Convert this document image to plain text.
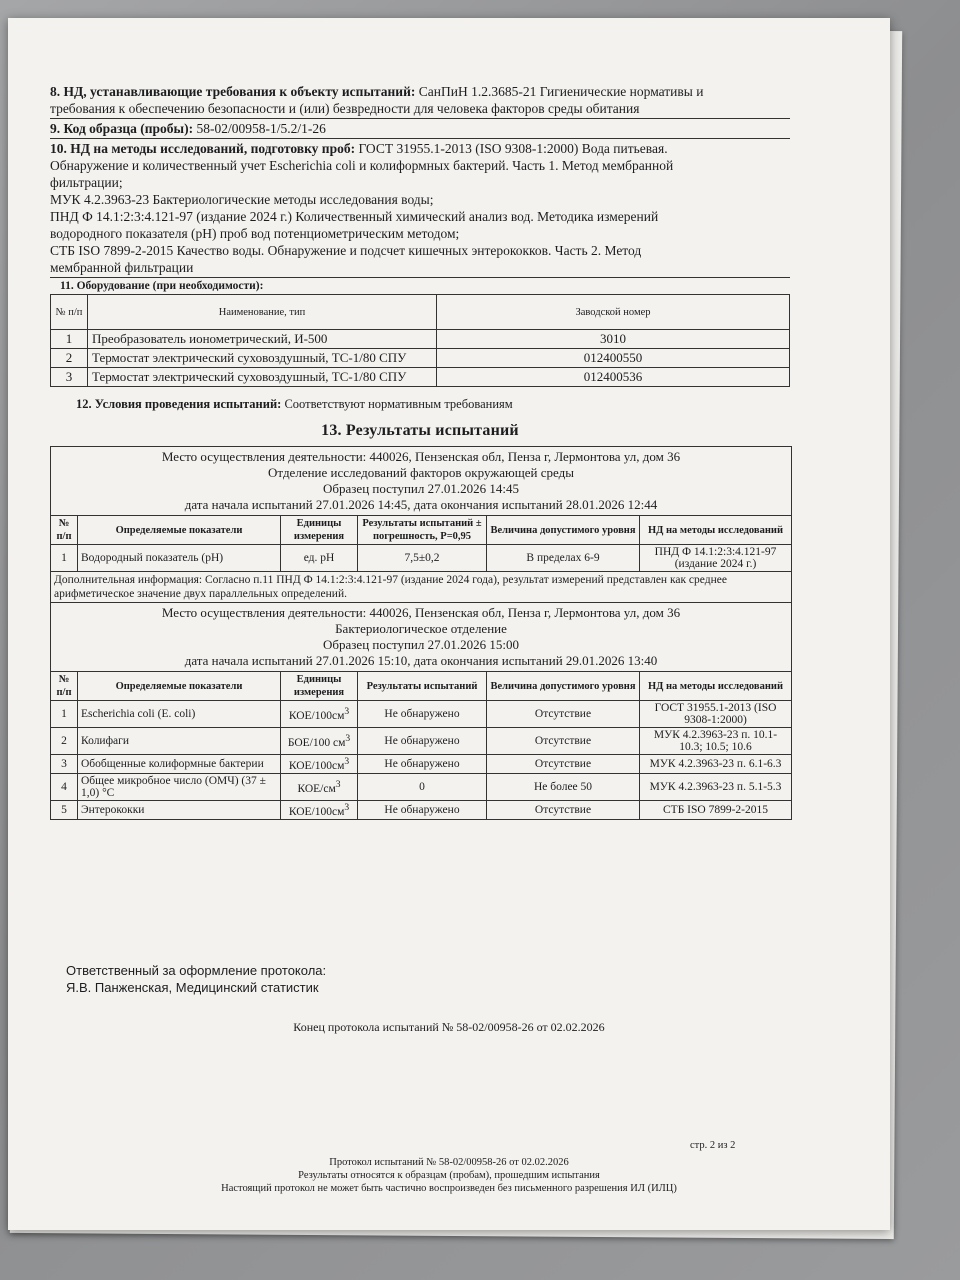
8. НД, устанавливающие требования к объекту испытаний: СанПиН 1.2.3685-21 Гигиенические нормативы и
требования к обеспечению безопасности и (или) безвредности для человека факторов среды обитания
9. Код образца (пробы): 58-02/00958-1/5.2/1-26
10. НД на методы исследований, подготовку проб: ГОСТ 31955.1-2013 (ISO 9308-1:2000) Вода питьевая.
Обнаружение и количественный учет Escherichia coli и колиформных бактерий. Часть 1. Метод мембранной
фильтрации;
МУК 4.2.3963-23 Бактериологические методы исследования воды;
ПНД Ф 14.1:2:3:4.121-97 (издание 2024 г.) Количественный химический анализ вод. Методика измерений
водородного показателя (pH) проб вод потенциометрическим методом;
СТБ ISO 7899-2-2015 Качество воды. Обнаружение и подсчет кишечных энтерококков. Часть 2. Метод
мембранной фильтрации
11. Оборудование (при необходимости):
№ п/п	Наименование, тип	Заводской номер
1	Преобразователь ионометрический, И-500	3010
2	Термостат электрический суховоздушный, ТС-1/80 СПУ	012400550
3	Термостат электрический суховоздушный, ТС-1/80 СПУ	012400536
12. Условия проведения испытаний: Соответствуют нормативным требованиям
13. Результаты испытаний
Место осуществления деятельности: 440026, Пензенская обл, Пенза г, Лермонтова ул, дом 36
Отделение исследований факторов окружающей среды
Образец поступил 27.01.2026 14:45
дата начала испытаний 27.01.2026 14:45, дата окончания испытаний 28.01.2026 12:44					

№ п/п	Определяемые показатели	Единицы измерения	Результаты испытаний ± погрешность, Р=0,95	Величина допустимого уровня	НД на методы исследований
1	Водородный показатель (pH)	ед. pH	7,5±0,2	В пределах 6-9	ПНД Ф 14.1:2:3:4.121-97 (издание 2024 г.)
Дополнительная информация: Согласно п.11 ПНД Ф 14.1:2:3:4.121-97 (издание 2024 года), результат измерений представлен как среднее арифметическое значение двух параллельных определений.					

Место осуществления деятельности: 440026, Пензенская обл, Пенза г, Лермонтова ул, дом 36
Бактериологическое отделение
Образец поступил 27.01.2026 15:00
дата начала испытаний 27.01.2026 15:10, дата окончания испытаний 29.01.2026 13:40					

№ п/п	Определяемые показатели	Единицы измерения	Результаты испытаний	Величина допустимого уровня	НД на методы исследований
1	Escherichia coli (E. coli)	КОЕ/$100см^3$	Не обнаружено	Отсутствие	ГОСТ 31955.1-2013 (ISO 9308-1:2000)
2	Колифаги	БОЕ/100 $см^3$	Не обнаружено	Отсутствие	МУК 4.2.3963-23 п. 10.1-10.3; 10.5; 10.6
3	Обобщенные колиформные бактерии	КОЕ/$100см^3$	Не обнаружено	Отсутствие	МУК 4.2.3963-23 п. 6.1-6.3
4	Общее микробное число (ОМЧ) (37 ± 1,0) °С	КОЕ/$см^3$	0	Не более 50	МУК 4.2.3963-23 п. 5.1-5.3
5	Энтерококки	КОЕ/$100см^3$	Не обнаружено	Отсутствие	СТБ ISO 7899-2-2015
Ответственный за оформление протокола:
Я.В. Панженская, Медицинский статистик
Конец протокола испытаний № 58-02/00958-26 от 02.02.2026
стр. 2 из 2
Протокол испытаний № 58-02/00958-26 от 02.02.2026
Результаты относятся к образцам (пробам), прошедшим испытания
Настоящий протокол не может быть частично воспроизведен без письменного разрешения ИЛ (ИЛЦ)
